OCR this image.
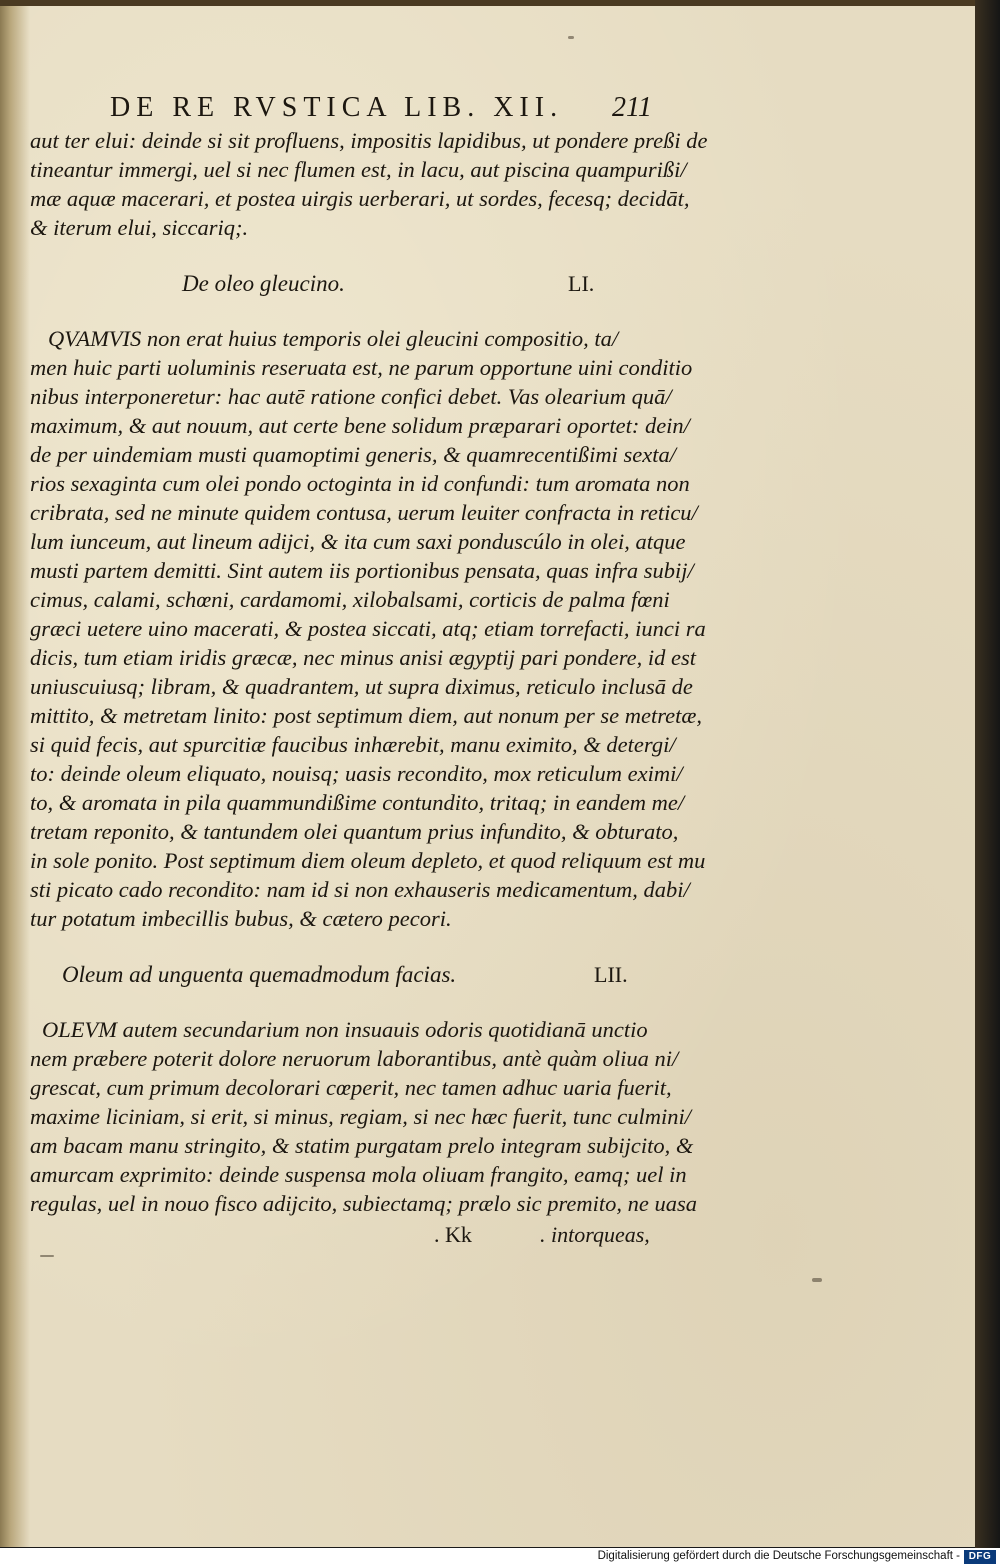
DE RE RVSTICA LIB. XII. 211
aut ter elui: deinde si sit profluens, impositis lapidibus, ut pondere preßi de
tineantur immergi, uel si nec flumen est, in lacu, aut piscina quampurißi/
mæ aquæ macerari, et postea uirgis uerberari, ut sordes, fecesq; decidāt,
& iterum elui, siccariq;.
De oleo gleucino.	LI.
QVAMVIS non erat huius temporis olei gleucini compositio, ta/
men huic parti uoluminis reseruata est, ne parum opportune uini conditio
nibus interponeretur: hac autē ratione confici debet. Vas olearium quā/
maximum, & aut nouum, aut certe bene solidum præparari oportet: dein/
de per uindemiam musti quamoptimi generis, & quamrecentißimi sexta/
rios sexaginta cum olei pondo octoginta in id confundi: tum aromata non
cribrata, sed ne minute quidem contusa, uerum leuiter confracta in reticu/
lum iunceum, aut lineum adijci, & ita cum saxi ponduscúlo in olei, atque
musti partem demitti. Sint autem iis portionibus pensata, quas infra subij/
cimus, calami, schœni, cardamomi, xilobalsami, corticis de palma fœni
græci uetere uino macerati, & postea siccati, atq; etiam torrefacti, iunci ra
dicis, tum etiam iridis græcæ, nec minus anisi ægyptij pari pondere, id est
uniuscuiusq; libram, & quadrantem, ut supra diximus, reticulo inclusā de
mittito, & metretam linito: post septimum diem, aut nonum per se metretæ,
si quid fecis, aut spurcitiæ faucibus inhærebit, manu eximito, & detergi/
to: deinde oleum eliquato, nouisq; uasis recondito, mox reticulum eximi/
to, & aromata in pila quammundißime contundito, tritaq; in eandem me/
tretam reponito, & tantundem olei quantum prius infundito, & obturato,
in sole ponito. Post septimum diem oleum depleto, et quod reliquum est mu
sti picato cado recondito: nam id si non exhauseris medicamentum, dabi/
tur potatum imbecillis bubus, & cætero pecori.
Oleum ad unguenta quemadmodum facias.	LII.
OLEVM autem secundarium non insuauis odoris quotidianā unctio
nem præbere poterit dolore neruorum laborantibus, antè quàm oliua ni/
grescat, cum primum decolorari cœperit, nec tamen adhuc uaria fuerit,
maxime liciniam, si erit, si minus, regiam, si nec hæc fuerit, tunc culmini/
am bacam manu stringito, & statim purgatam prelo integram subijcito, &
amurcam exprimito: deinde suspensa mola oliuam frangito, eamq; uel in
regulas, uel in nouo fisco adijcito, subiectamq; prælo sic premito, ne uasa
. Kk	. intorqueas,
Digitalisierung gefördert durch die Deutsche Forschungsgemeinschaft - DFG
